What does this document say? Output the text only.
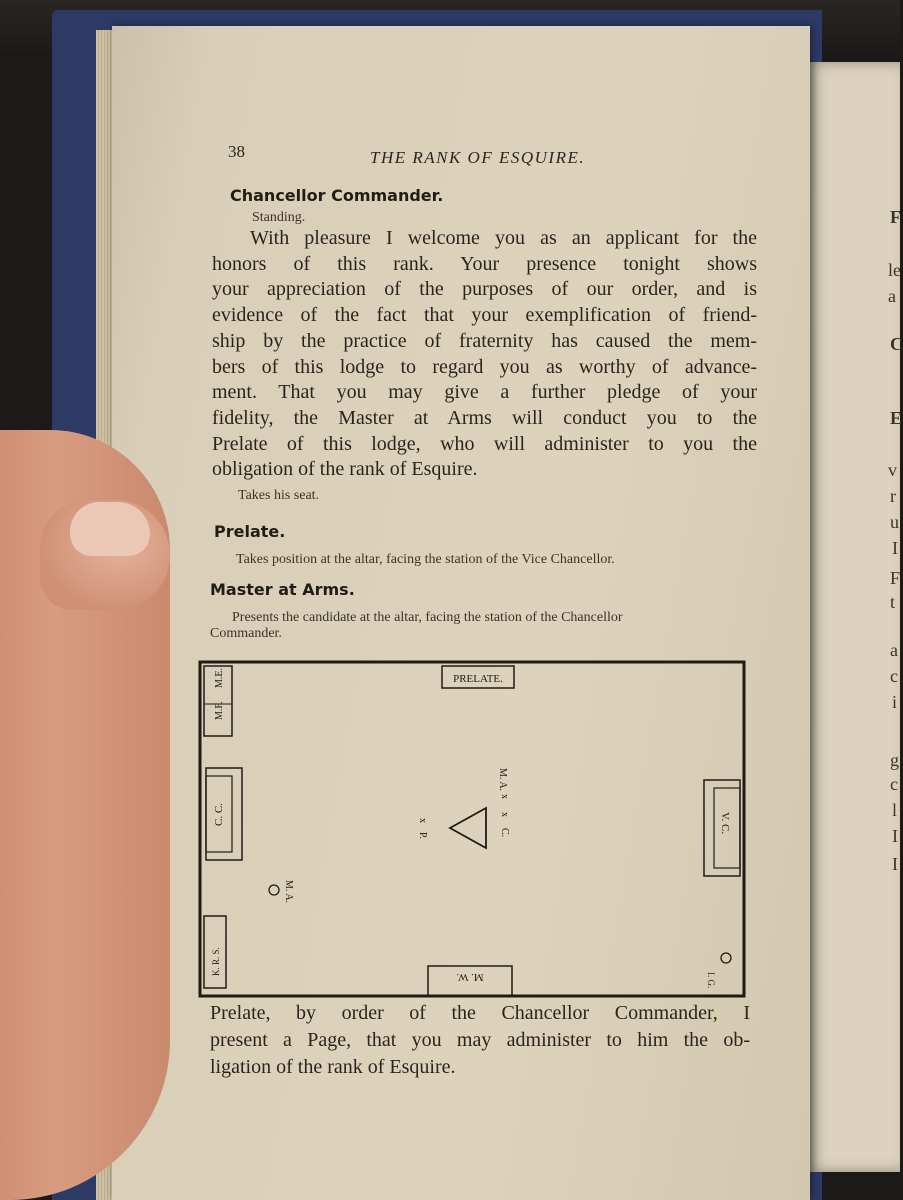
F
le
a
C
E
v
r
u
I
F
t
a
c
i
g
c
l
I
I
38	THE RANK OF ESQUIRE.
Chancellor Commander.
Standing.
With pleasure I welcome you as an applicant for the
honors of this rank. Your presence tonight shows
your appreciation of the purposes of our order, and is
evidence of the fact that your exemplification of friend-
ship by the practice of fraternity has caused the mem-
bers of this lodge to regard you as worthy of advance-
ment. That you may give a further pledge of your
fidelity, the Master at Arms will conduct you to the
Prelate of this lodge, who will administer to you the
obligation of the rank of Esquire.
Takes his seat.
Prelate.
Takes position at the altar, facing the station of the Vice Chancellor.
Master at Arms.
Presents the candidate at the altar, facing the station of the Chancellor
Commander.
PRELATE.
M.F.
M.E.
C. C.
K. R. S.
V. C.
M. W.	I. G.
M. A.
x
x
C.
x
P.
M. A.
Prelate, by order of the Chancellor Commander, I
present a Page, that you may administer to him the ob-
ligation of the rank of Esquire.
